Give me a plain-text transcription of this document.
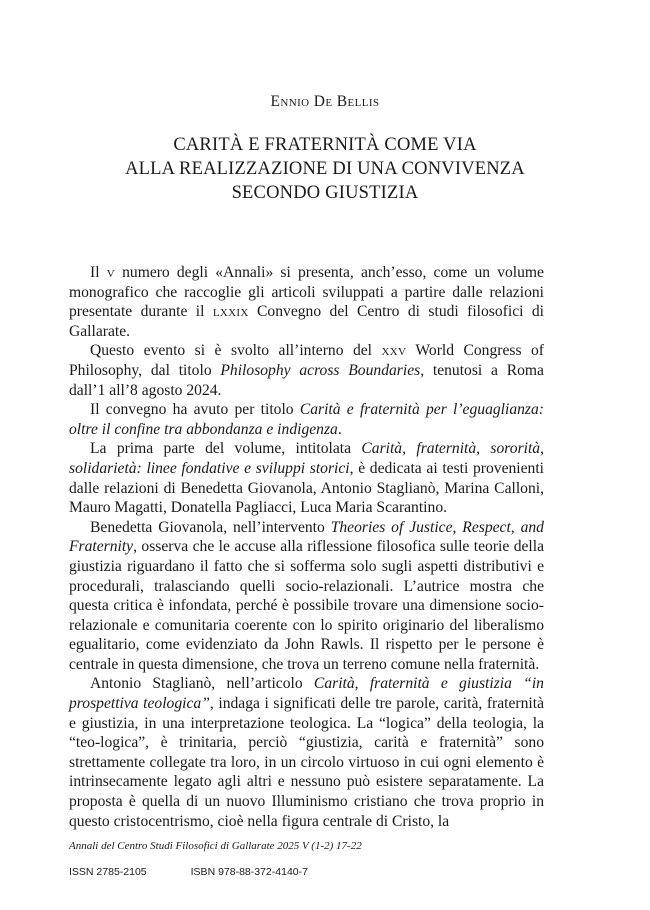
Ennio De Bellis
CARITÀ E FRATERNITÀ COME VIA
ALLA REALIZZAZIONE DI UNA CONVIVENZA
SECONDO GIUSTIZIA

Il v numero degli «Annali» si presenta, anch’esso, come un volume monografico che raccoglie gli articoli sviluppati a partire dalle relazioni presentate durante il lxxix Convegno del Centro di studi filosofici di Gallarate.

Questo evento si è svolto all’interno del xxv World Congress of Philosophy, dal titolo Philosophy across Boundaries, tenutosi a Roma dall’1 all’8 agosto 2024.

Il convegno ha avuto per titolo Carità e fraternità per l’eguaglianza: oltre il confine tra abbondanza e indigenza.

La prima parte del volume, intitolata Carità, fraternità, sororità, solidarietà: linee fondative e sviluppi storici, è dedicata ai testi provenienti dalle relazioni di Benedetta Giovanola, Antonio Staglianò, Marina Calloni, Mauro Magatti, Donatella Pagliacci, Luca Maria Scarantino.

Benedetta Giovanola, nell’intervento Theories of Justice, Respect, and Fraternity, osserva che le accuse alla riflessione filosofica sulle teorie della giustizia riguardano il fatto che si sofferma solo sugli aspetti distributivi e procedurali, tralasciando quelli socio-relazionali. L’autrice mostra che questa critica è infondata, perché è possibile trovare una dimensione socio-relazionale e comunitaria coerente con lo spirito originario del liberalismo egualitario, come evidenziato da John Rawls. Il rispetto per le persone è centrale in questa dimensione, che trova un terreno comune nella fraternità.

Antonio Staglianò, nell’articolo Carità, fraternità e giustizia “in prospettiva teologica”, indaga i significati delle tre parole, carità, fraternità e giustizia, in una interpretazione teologica. La “logica” della teologia, la “teo-logica”, è trinitaria, perciò “giustizia, carità e fraternità” sono strettamente collegate tra loro, in un circolo virtuoso in cui ogni elemento è intrinsecamente legato agli altri e nessuno può esistere separatamente. La proposta è quella di un nuovo Illuminismo cristiano che trova proprio in questo cristocentrismo, cioè nella figura centrale di Cristo, la

Annali del Centro Studi Filosofici di Gallarate 2025 V (1-2) 17-22
ISSN 2785-2105	ISBN 978-88-372-4140-7
